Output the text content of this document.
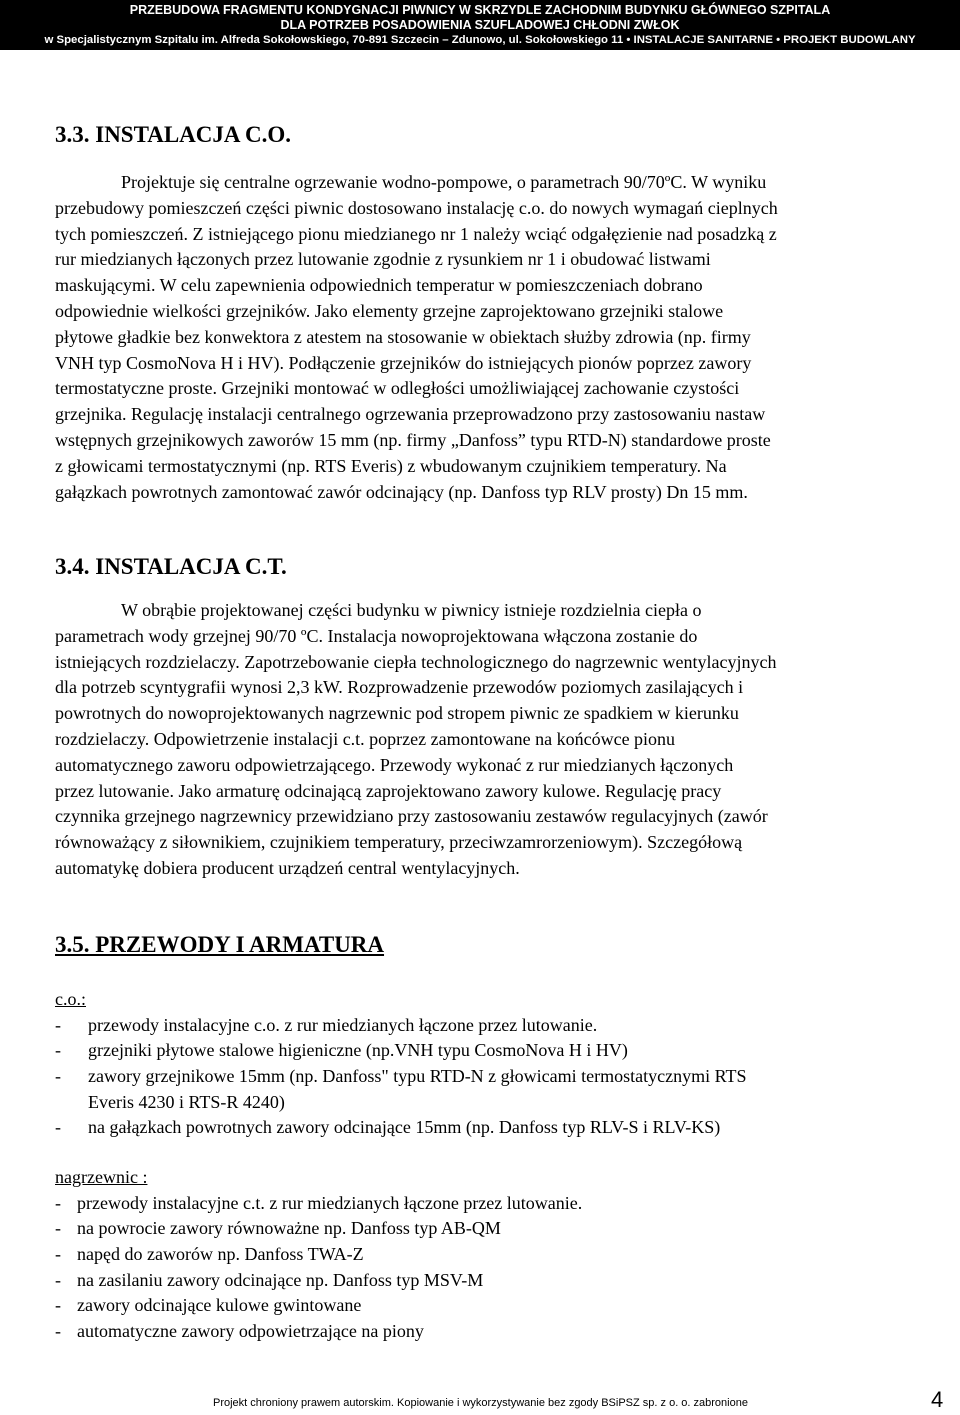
PRZEBUDOWA FRAGMENTU KONDYGNACJI PIWNICY W SKRZYDLE ZACHODNIM BUDYNKU GŁÓWNEGO SZPITALA
DLA POTRZEB POSADOWIENIA SZUFLADOWEJ CHŁODNI ZWŁOK
w Specjalistycznym Szpitalu im. Alfreda Sokołowskiego, 70-891 Szczecin – Zdunowo, ul. Sokołowskiego 11 • INSTALACJE SANITARNE • PROJEKT BUDOWLANY
3.3. INSTALACJA C.O.
Projektuje się centralne ogrzewanie wodno-pompowe, o parametrach 90/70ºC. W wyniku
przebudowy pomieszczeń części piwnic dostosowano instalację c.o. do nowych wymagań cieplnych
tych pomieszczeń. Z istniejącego pionu miedzianego nr 1 należy wciąć odgałęzienie nad posadzką z
rur miedzianych łączonych przez lutowanie zgodnie z rysunkiem nr 1 i obudować listwami
maskującymi. W celu zapewnienia odpowiednich temperatur w pomieszczeniach dobrano
odpowiednie wielkości grzejników. Jako elementy grzejne zaprojektowano grzejniki stalowe
płytowe gładkie bez konwektora z atestem na stosowanie w obiektach służby zdrowia (np. firmy
VNH typ CosmoNova H i HV). Podłączenie grzejników do istniejących pionów poprzez zawory
termostatyczne proste. Grzejniki montować w odległości umożliwiającej zachowanie czystości
grzejnika. Regulację instalacji centralnego ogrzewania przeprowadzono przy zastosowaniu nastaw
wstępnych grzejnikowych zaworów 15 mm (np. firmy „Danfoss” typu RTD-N) standardowe proste
z głowicami termostatycznymi (np. RTS Everis) z wbudowanym czujnikiem temperatury. Na
gałązkach powrotnych zamontować zawór odcinający (np. Danfoss typ RLV prosty) Dn 15 mm.
3.4. INSTALACJA C.T.
W obrąbie projektowanej części budynku w piwnicy istnieje rozdzielnia ciepła o
parametrach wody grzejnej 90/70 ºC. Instalacja nowoprojektowana włączona zostanie do
istniejących rozdzielaczy. Zapotrzebowanie ciepła technologicznego do nagrzewnic wentylacyjnych
dla potrzeb scyntygrafii wynosi 2,3 kW. Rozprowadzenie przewodów poziomych zasilających i
powrotnych do nowoprojektowanych nagrzewnic pod stropem piwnic ze spadkiem w kierunku
rozdzielaczy. Odpowietrzenie instalacji c.t. poprzez zamontowane na końcówce pionu
automatycznego zaworu odpowietrzającego. Przewody wykonać z rur miedzianych łączonych
przez lutowanie. Jako armaturę odcinającą zaprojektowano zawory kulowe. Regulację pracy
czynnika grzejnego nagrzewnicy przewidziano przy zastosowaniu zestawów regulacyjnych (zawór
równoważący z siłownikiem, czujnikiem temperatury, przeciwzamrorzeniowym). Szczegółową
automatykę dobiera producent urządzeń central wentylacyjnych.
3.5. PRZEWODY I ARMATURA
c.o.:
- przewody instalacyjne c.o. z rur miedzianych łączone przez lutowanie.
- grzejniki płytowe stalowe higieniczne (np.VNH typu CosmoNova H i HV)
- zawory grzejnikowe 15mm (np. Danfoss" typu RTD-N z głowicami termostatycznymi RTS
Everis 4230 i RTS-R 4240)
- na gałązkach powrotnych zawory odcinające 15mm (np. Danfoss typ RLV-S i RLV-KS)
nagrzewnic :
- przewody instalacyjne c.t. z rur miedzianych łączone przez lutowanie.
- na powrocie zawory równoważne np. Danfoss typ AB-QM
- napęd do zaworów np. Danfoss TWA-Z
- na zasilaniu zawory odcinające np. Danfoss typ MSV-M
- zawory odcinające kulowe gwintowane
- automatyczne zawory odpowietrzające na piony
Projekt chroniony prawem autorskim. Kopiowanie i wykorzystywanie bez zgody BSiPSZ sp. z o. o. zabronione	4
